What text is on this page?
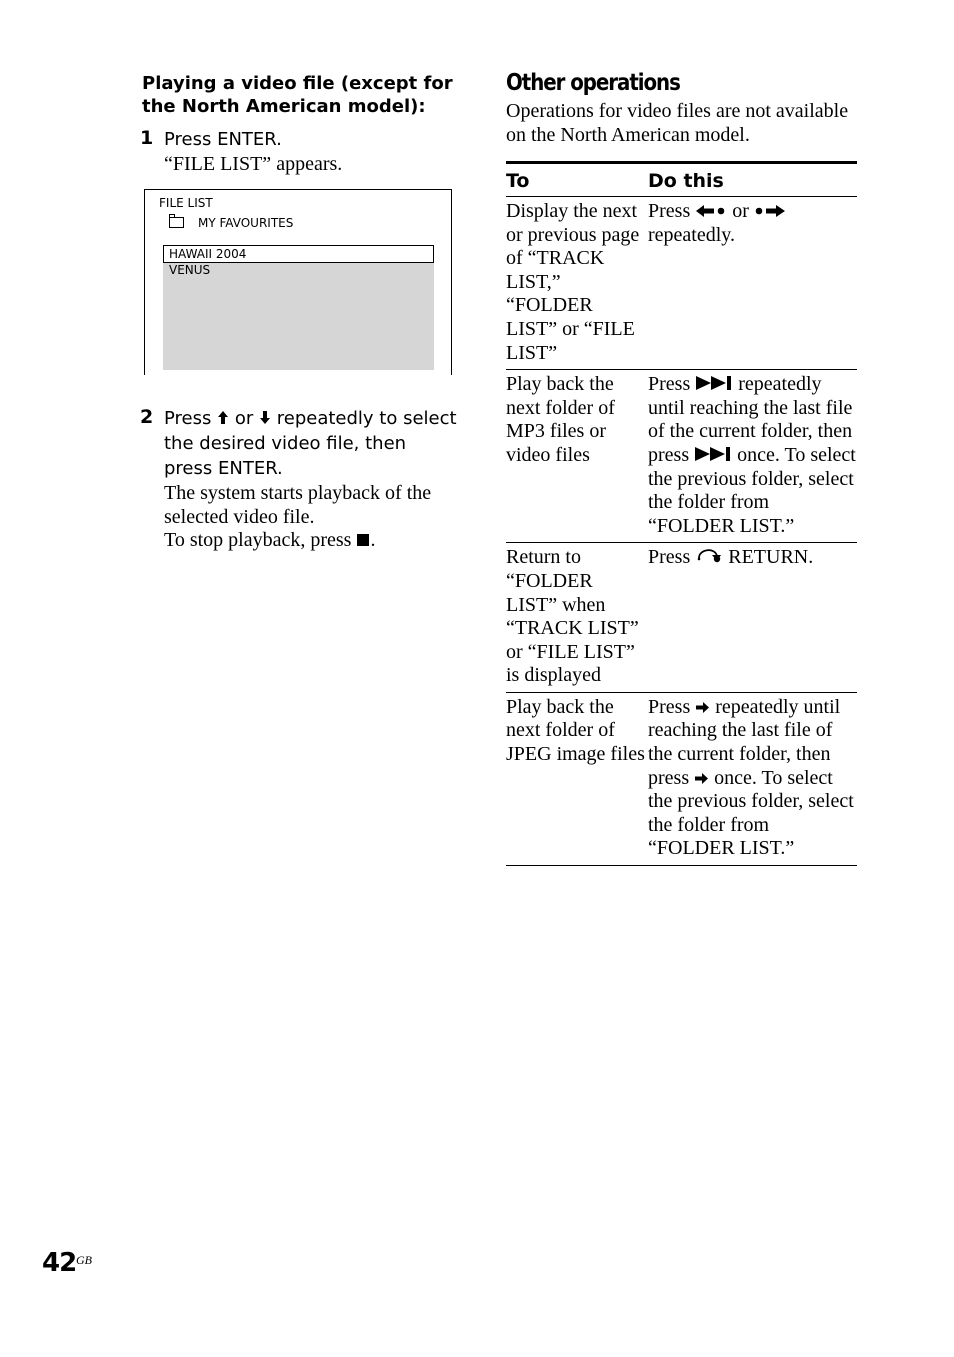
Playing a video file (except for the North American model):
1 Press ENTER.
“FILE LIST” appears.
FILE LIST
MY FAVOURITES
HAWAII 2004
VENUS
2 Press or repeatedly to select the desired video file, then press ENTER.
The system starts playback of the selected video file.
To stop playback, press .
Other operations
Operations for video files are not available on the North American model.
To	Do this
Display the next or previous page of “TRACK LIST,” “FOLDER LIST” or “FILE LIST”	Press or  repeatedly.
Play back the next folder of MP3 files or video files	Press repeatedly until reaching the last file of the current folder, then press once. To select the previous folder, select the folder from “FOLDER LIST.”
Return to “FOLDER LIST” when “TRACK LIST” or “FILE LIST” is displayed	Press RETURN.
Play back the next folder of JPEG image files	Press repeatedly until reaching the last file of the current folder, then press once. To select the previous folder, select the folder from “FOLDER LIST.”
42 GB
